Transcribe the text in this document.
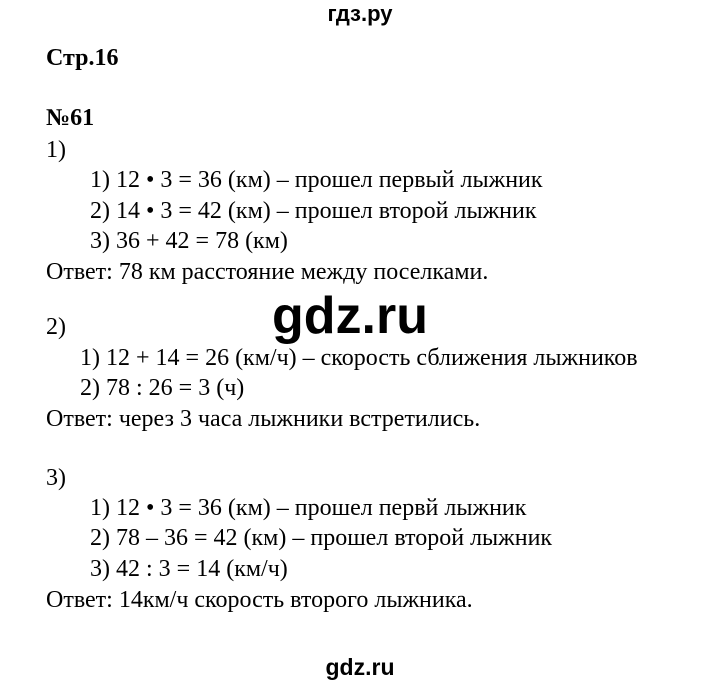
гдз.ру
Стр.16
№61
1)
1) 12 • 3 = 36 (км) – прошел первый лыжник
2) 14 • 3 = 42 (км) – прошел второй лыжник
3) 36 + 42 = 78 (км)
Ответ: 78 км расстояние между поселками.
gdz.ru
2)
1) 12 + 14 = 26 (км/ч) – скорость сближения лыжников
2) 78 : 26 = 3 (ч)
Ответ: через 3 часа лыжники встретились.
3)
1) 12 • 3 = 36 (км) – прошел первй лыжник
2) 78 – 36 = 42 (км) – прошел второй лыжник
3) 42 : 3 = 14 (км/ч)
Ответ: 14км/ч скорость второго лыжника.
gdz.ru
